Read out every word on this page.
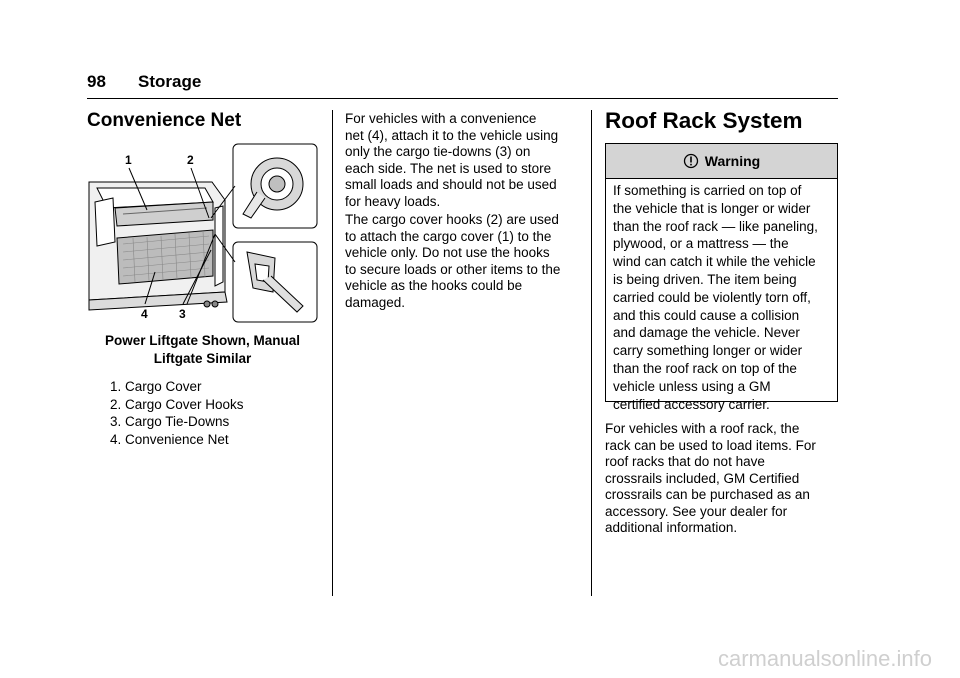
98 Storage
Convenience Net
1	2
4	3
Power Liftgate Shown, Manual
Liftgate Similar
1. Cargo Cover
2. Cargo Cover Hooks
3. Cargo Tie-Downs
4. Convenience Net
For vehicles with a convenience
net (4), attach it to the vehicle using
only the cargo tie-downs (3) on
each side. The net is used to store
small loads and should not be used
for heavy loads.
The cargo cover hooks (2) are used
to attach the cargo cover (1) to the
vehicle only. Do not use the hooks
to secure loads or other items to the
vehicle as the hooks could be
damaged.
Roof Rack System
Warning
If something is carried on top of
the vehicle that is longer or wider
than the roof rack — like paneling,
plywood, or a mattress — the
wind can catch it while the vehicle
is being driven. The item being
carried could be violently torn off,
and this could cause a collision
and damage the vehicle. Never
carry something longer or wider
than the roof rack on top of the
vehicle unless using a GM
certified accessory carrier.
For vehicles with a roof rack, the
rack can be used to load items. For
roof racks that do not have
crossrails included, GM Certified
crossrails can be purchased as an
accessory. See your dealer for
additional information.
carmanualsonline.info
